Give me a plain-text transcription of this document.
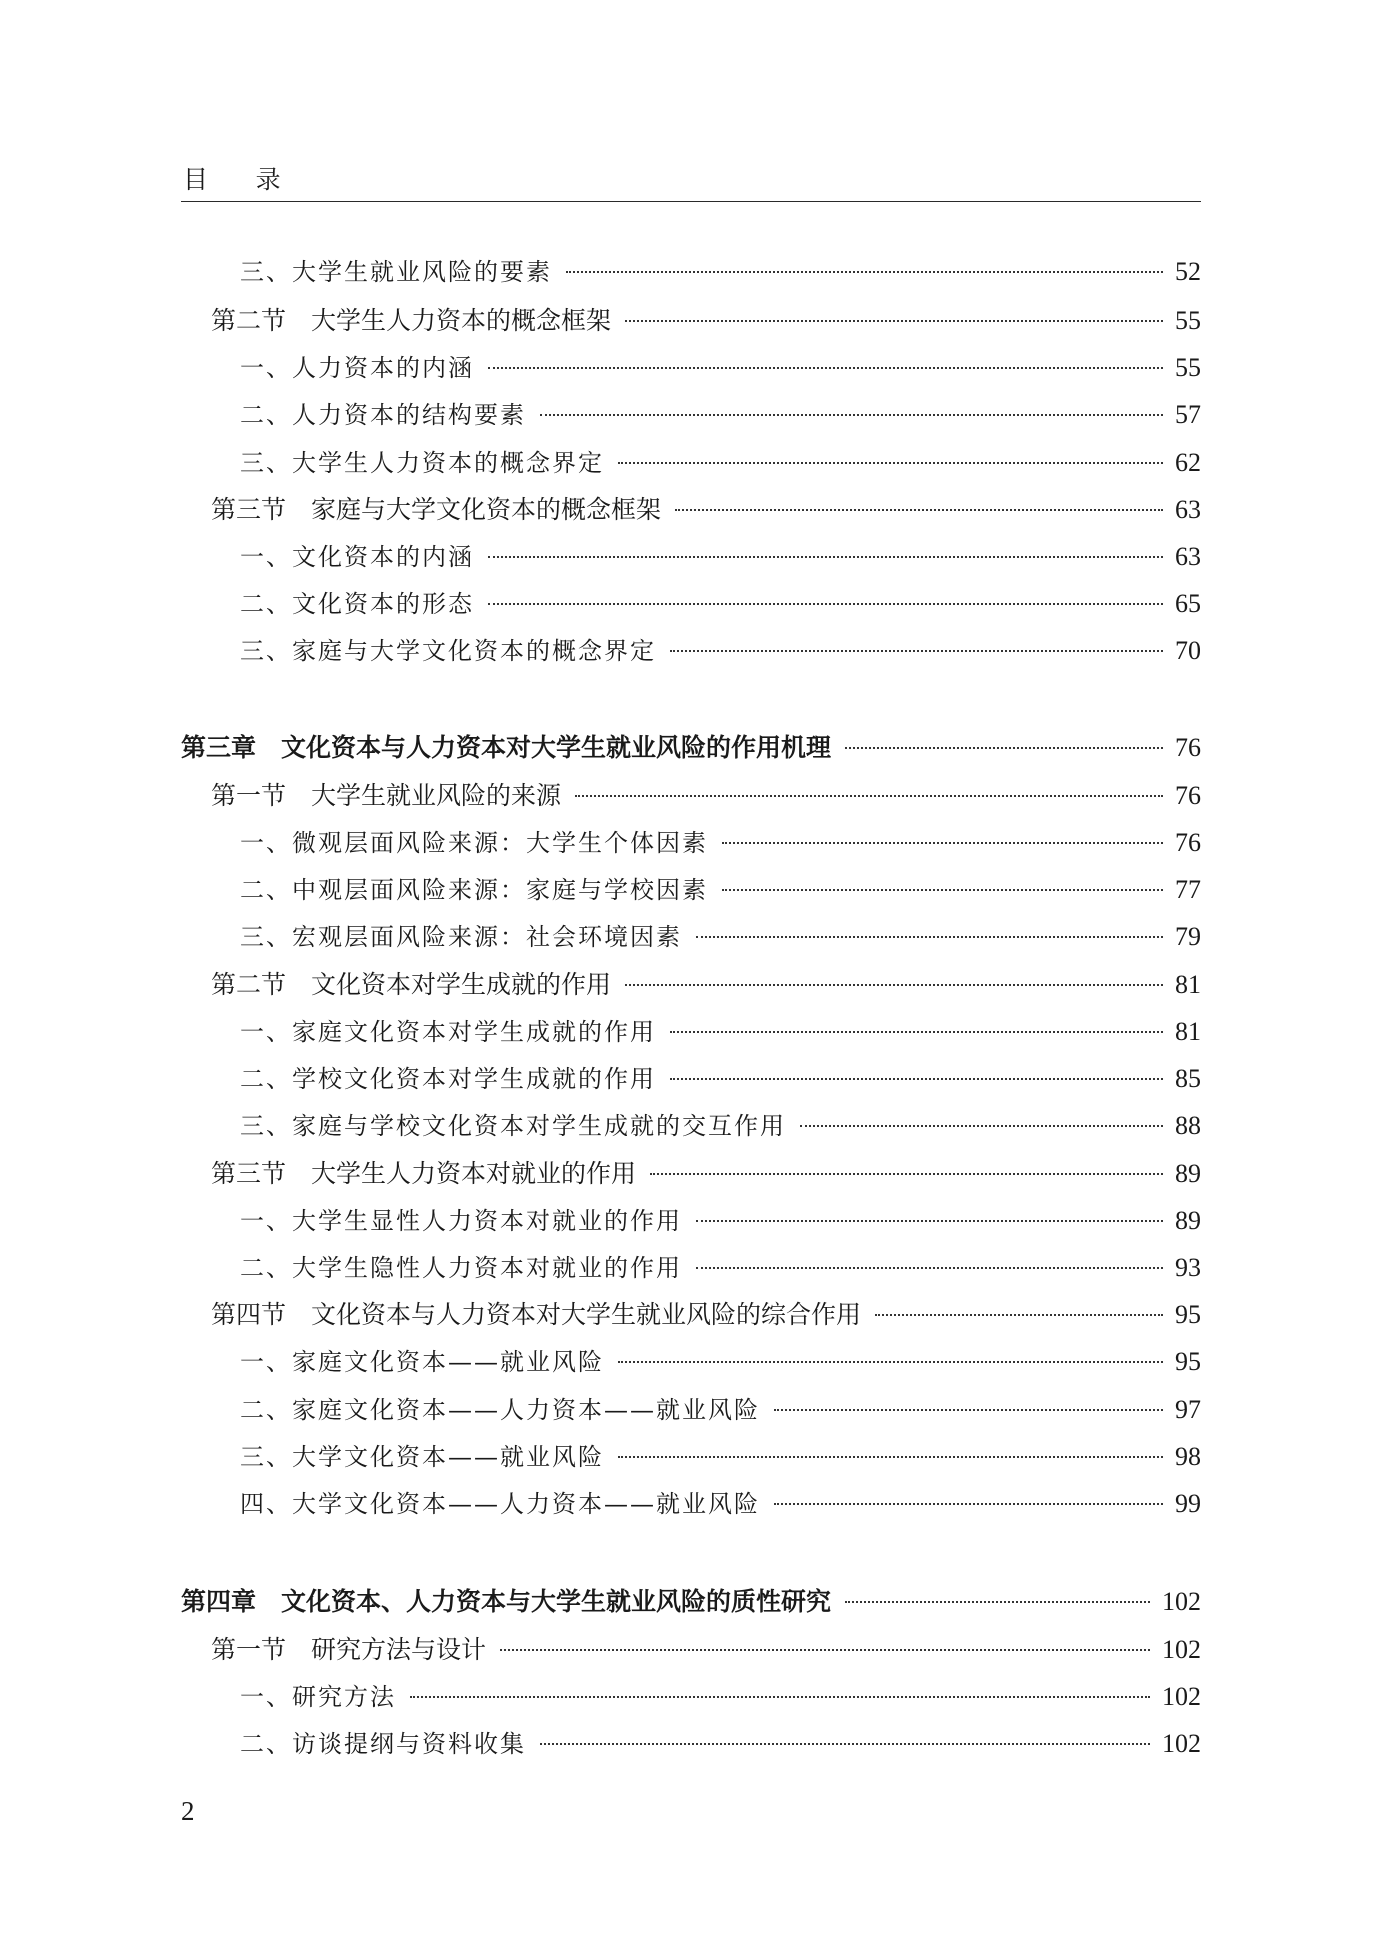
目      录
三、大学生就业风险的要素	52
第二节　大学生人力资本的概念框架	55
一、人力资本的内涵	55
二、人力资本的结构要素	57
三、大学生人力资本的概念界定	62
第三节　家庭与大学文化资本的概念框架	63
一、文化资本的内涵	63
二、文化资本的形态	65
三、家庭与大学文化资本的概念界定	70
第三章　文化资本与人力资本对大学生就业风险的作用机理	76
第一节　大学生就业风险的来源	76
一、微观层面风险来源：大学生个体因素	76
二、中观层面风险来源：家庭与学校因素	77
三、宏观层面风险来源：社会环境因素	79
第二节　文化资本对学生成就的作用	81
一、家庭文化资本对学生成就的作用	81
二、学校文化资本对学生成就的作用	85
三、家庭与学校文化资本对学生成就的交互作用	88
第三节　大学生人力资本对就业的作用	89
一、大学生显性人力资本对就业的作用	89
二、大学生隐性人力资本对就业的作用	93
第四节　文化资本与人力资本对大学生就业风险的综合作用	95
一、家庭文化资本——就业风险	95
二、家庭文化资本——人力资本——就业风险	97
三、大学文化资本——就业风险	98
四、大学文化资本——人力资本——就业风险	99
第四章　文化资本、人力资本与大学生就业风险的质性研究	102
第一节　研究方法与设计	102
一、研究方法	102
二、访谈提纲与资料收集	102
2
